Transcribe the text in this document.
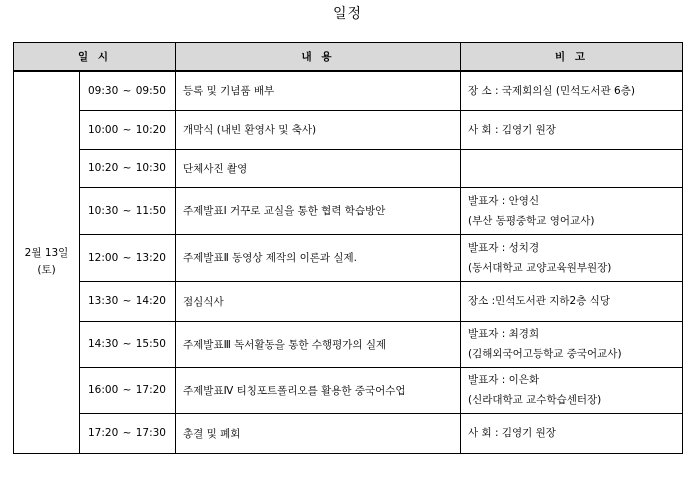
일정
일 시		내 용	비 고

2월 13일
(토)	09:30 ~ 09:50	등록 및 기념품 배부	장 소 : 국제회의실 (민석도서관 6층)

	10:00 ~ 10:20	개막식 (내빈 환영사 및 축사)	사 회 : 김영기 원장

	10:20 ~ 10:30	단체사진 촬영	

	10:30 ~ 11:50	주제발표Ⅰ 거꾸로 교실을 통한 협력 학습방안	발표자 : 안영신
(부산 동평중학교 영어교사)

	12:00 ~ 13:20	주제발표Ⅱ 동영상 제작의 이론과 실제.	발표자 : 성치경
(동서대학교 교양교육원부원장)

	13:30 ~ 14:20	점심식사	장소 :민석도서관 지하2층 식당

	14:30 ~ 15:50	주제발표Ⅲ 독서활동을 통한 수행평가의 실제	발표자 : 최경희
(김해외국어고등학교 중국어교사)

	16:00 ~ 17:20	주제발표Ⅳ 티칭포트폴리오를 활용한 중국어수업	발표자 : 이은화
(신라대학교 교수학습센터장)

	17:20 ~ 17:30	총결 및 폐회	사 회 : 김영기 원장
